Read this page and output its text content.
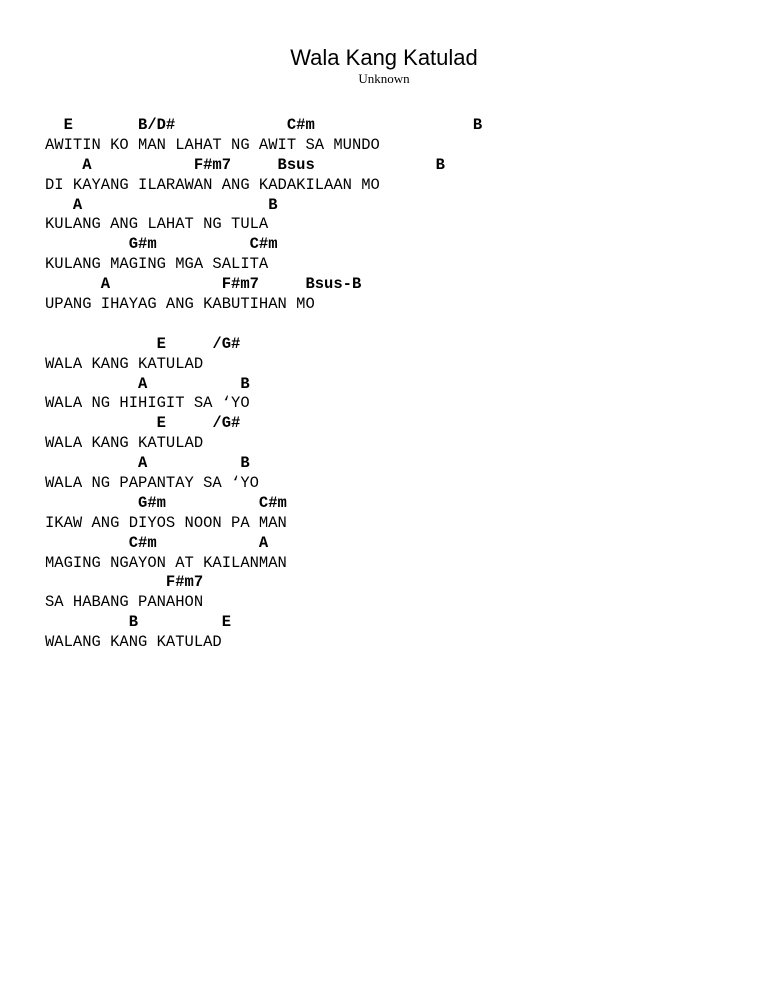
Wala Kang Katulad
Unknown
E       B/D#            C#m                 B
AWITIN KO MAN LAHAT NG AWIT SA MUNDO
A           F#m7     Bsus             B
DI KAYANG ILARAWAN ANG KADAKILAAN MO
A                    B
KULANG ANG LAHAT NG TULA
G#m          C#m
KULANG MAGING MGA SALITA
A            F#m7     Bsus-B
UPANG IHAYAG ANG KABUTIHAN MO
E     /G#
WALA KANG KATULAD
A          B
WALA NG HIHIGIT SA ‘YO
E     /G#
WALA KANG KATULAD
A          B
WALA NG PAPANTAY SA ‘YO
G#m          C#m
IKAW ANG DIYOS NOON PA MAN
C#m           A
MAGING NGAYON AT KAILANMAN
F#m7
SA HABANG PANAHON
B         E
WALANG KANG KATULAD
